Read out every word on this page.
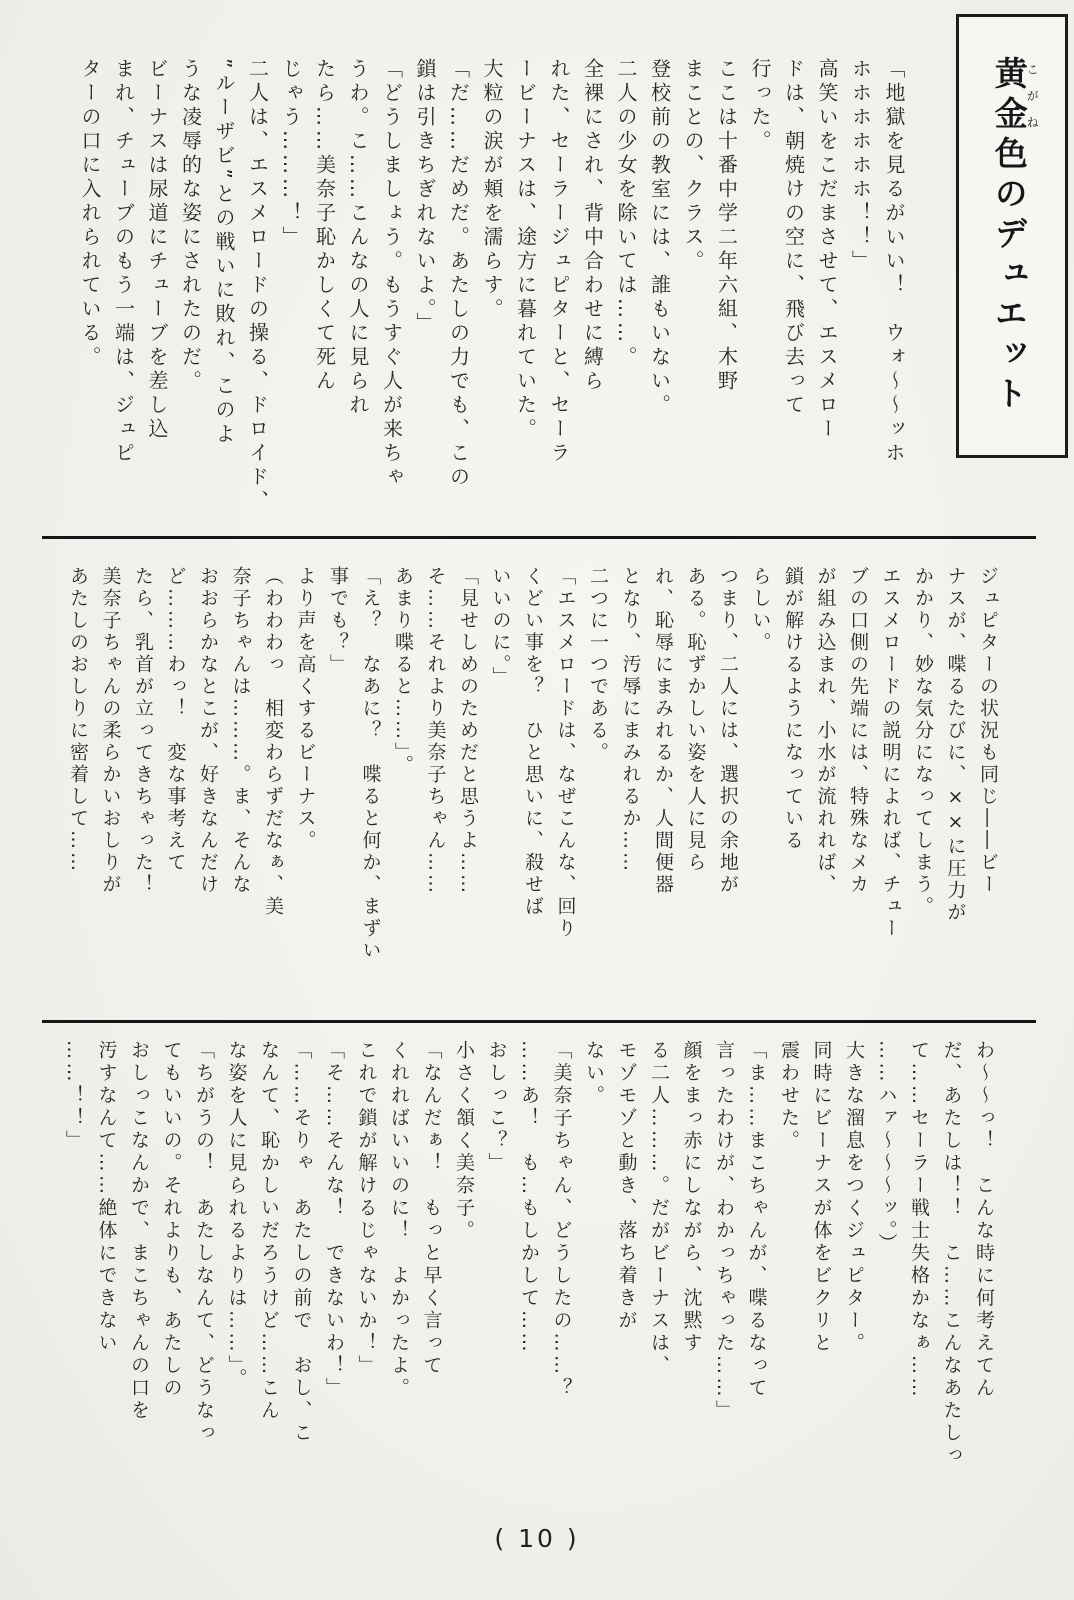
黄金こがね色のデュエット
「地獄を見るがいい！　ウォ〜〜ッホ
ホホホホホホ！！」
高笑いをこだまさせて、エスメロー
ドは、朝焼けの空に、飛び去って
行った。
ここは十番中学二年六組、木野
まことの、クラス。
登校前の教室には、誰もいない。
二人の少女を除いては……。
全裸にされ、背中合わせに縛ら
れた、セーラージュピターと、セーラ
ービーナスは、途方に暮れていた。
大粒の涙が頬を濡らす。
「だ……だめだ。あたしの力でも、この
鎖は引きちぎれないよ。」
「どうしましょう。もうすぐ人が来ちゃ
うわ。こ……こんなの人に見られ
たら……美奈子恥かしくて死ん
じゃう………！」
二人は、エスメロードの操る、ドロイド、
”ルーザビ”との戦いに敗れ、このよ
うな凌辱的な姿にされたのだ。
ビーナスは尿道にチューブを差し込
まれ、チューブのもう一端は、ジュピ
ターの口に入れられている。
ジュピターの状況も同じ――ビー
ナスが、喋るたびに、××に圧力が
かかり、妙な気分になってしまう。
エスメロードの説明によれば、チュー
ブの口側の先端には、特殊なメカ
が組み込まれ、小水が流れれば、
鎖が解けるようになっている
らしい。
つまり、二人には、選択の余地が
ある。恥ずかしい姿を人に見ら
れ、恥辱にまみれるか、人間便器
となり、汚辱にまみれるか……
二つに一つである。
「エスメロードは、なぜこんな、回り
くどい事を？　ひと思いに、殺せば
いいのに。」
「見せしめのためだと思うよ……
そ……それより美奈子ちゃん……
あまり喋ると……」。
「え？　なあに？　喋ると何か、まずい
事でも？」
より声を高くするビーナス。
（わわわっ　相変わらずだなぁ、美
奈子ちゃんは………。ま、そんな
おおらかなとこが、好きなんだけ
ど………わっ！　変な事考えて
たら、乳首が立ってきちゃった！
美奈子ちゃんの柔らかいおしりが
あたしのおしりに密着して……
わ〜〜っ！　こんな時に何考えてん
だ、あたしは！！　こ……こんなあたしっ
て……セーラー戦士失格かなぁ……
……ハァ〜〜〜ッ。）
大きな溜息をつくジュピター。
同時にビーナスが体をビクリと
震わせた。
「ま……まこちゃんが、喋るなって
言ったわけが、わかっちゃった……」
顔をまっ赤にしながら、沈黙す
る二人………。だがビーナスは、
モゾモゾと動き、落ち着きが
ない。
「美奈子ちゃん、どうしたの……？
……あ！　も…もしかして……
おしっこ？」
小さく頷く美奈子。
「なんだぁ！　もっと早く言って
くれればいいのに！　よかったよ。
これで鎖が解けるじゃないか！」
「そ……そんな！　できないわ！」
「……そりゃ　あたしの前で　おし、こ
なんて、恥かしいだろうけど……こん
な姿を人に見られるよりは……」。
「ちがうの！　あたしなんて、どうなっ
てもいいの。それよりも、あたしの
おしっこなんかで、まこちゃんの口を
汚すなんて……絶体にできない
……！！」
( 10 )
